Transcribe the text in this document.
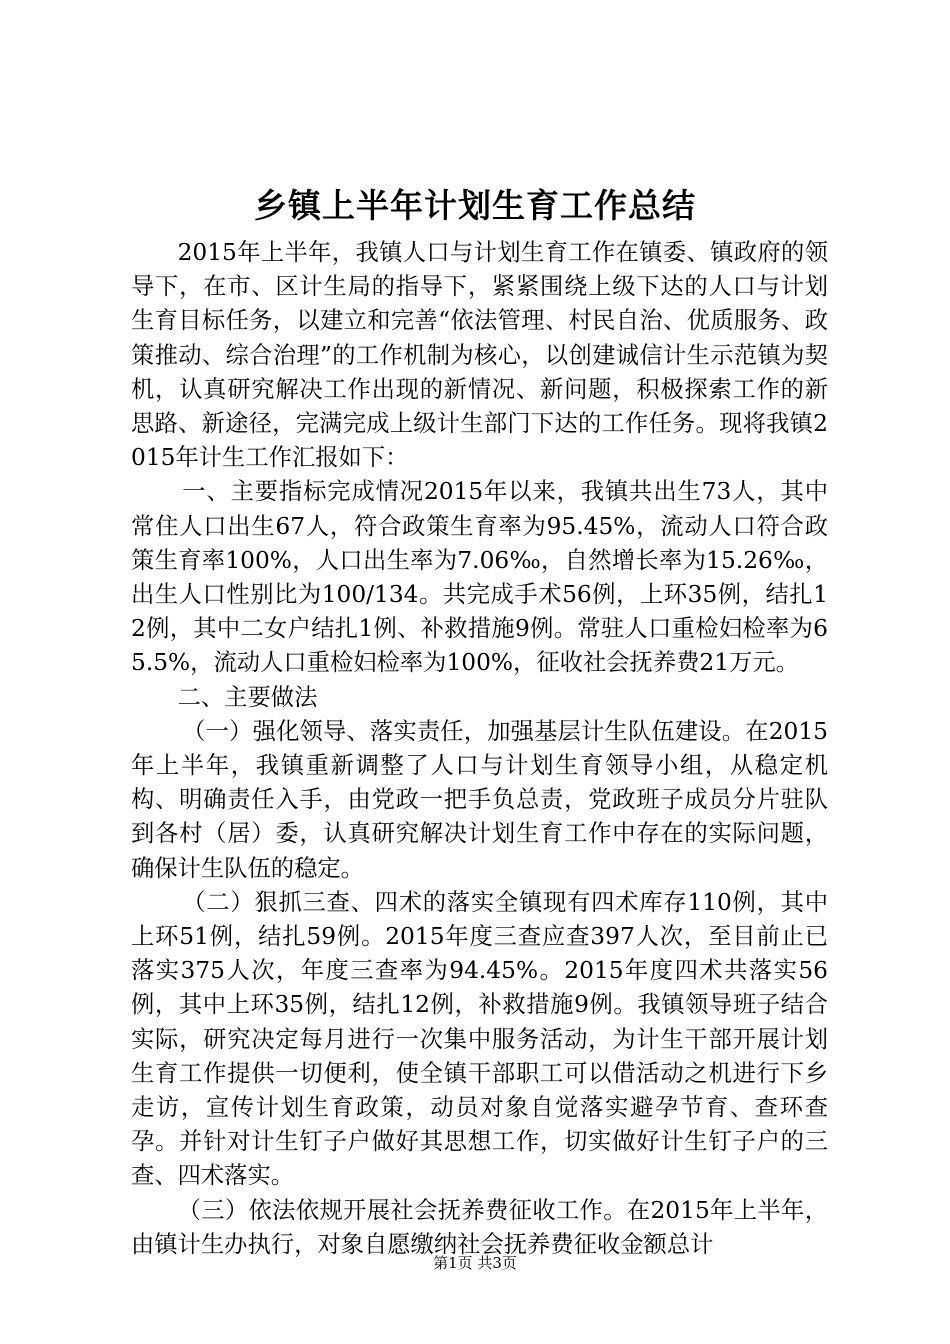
乡镇上半年计划生育工作总结

2015年上半年，我镇人口与计划生育工作在镇委、镇政府的领导下，在市、区计生局的指导下，紧紧围绕上级下达的人口与计划生育目标任务，以建立和完善“依法管理、村民自治、优质服务、政策推动、综合治理”的工作机制为核心，以创建诚信计生示范镇为契机，认真研究解决工作出现的新情况、新问题，积极探索工作的新思路、新途径，完满完成上级计生部门下达的工作任务。现将我镇2015年计生工作汇报如下：

一、主要指标完成情况2015年以来，我镇共出生73人，其中常住人口出生67人，符合政策生育率为95.45%，流动人口符合政策生育率100%，人口出生率为7.06‰，自然增长率为15.26‰，出生人口性别比为100/134。共完成手术56例，上环35例，结扎12例，其中二女户结扎1例、补救措施9例。常驻人口重检妇检率为65.5%，流动人口重检妇检率为100%，征收社会抚养费21万元。

二、主要做法

（一）强化领导、落实责任，加强基层计生队伍建设。在2015年上半年，我镇重新调整了人口与计划生育领导小组，从稳定机构、明确责任入手，由党政一把手负总责，党政班子成员分片驻队到各村（居）委，认真研究解决计划生育工作中存在的实际问题，确保计生队伍的稳定。

（二）狠抓三查、四术的落实全镇现有四术库存110例，其中上环51例，结扎59例。2015年度三查应查397人次，至目前止已落实375人次，年度三查率为94.45%。2015年度四术共落实56例，其中上环35例，结扎12例，补救措施9例。我镇领导班子结合实际，研究决定每月进行一次集中服务活动，为计生干部开展计划生育工作提供一切便利，使全镇干部职工可以借活动之机进行下乡走访，宣传计划生育政策，动员对象自觉落实避孕节育、查环查孕。并针对计生钉子户做好其思想工作，切实做好计生钉子户的三查、四术落实。

（三）依法依规开展社会抚养费征收工作。在2015年上半年，由镇计生办执行，对象自愿缴纳社会抚养费征收金额总计

第1页 共3页
